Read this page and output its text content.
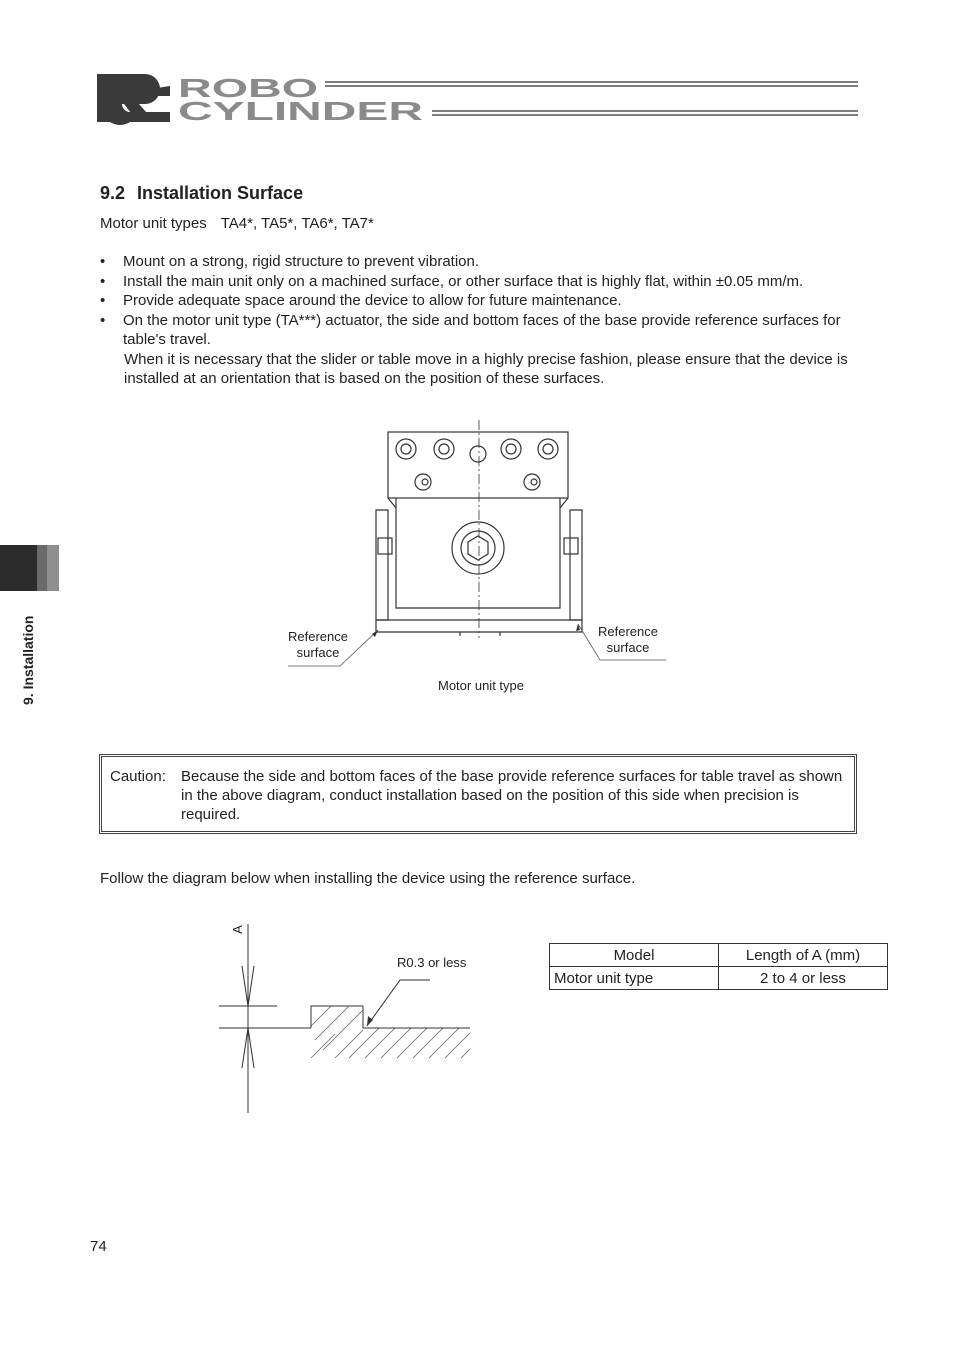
ROBO
CYLINDER
9.2 Installation Surface
Motor unit types TA4*, TA5*, TA6*, TA7*
• Mount on a strong, rigid structure to prevent vibration.
• Install the main unit only on a machined surface, or other surface that is highly flat, within ±0.05 mm/m.
• Provide adequate space around the device to allow for future maintenance.
• On the motor unit type (TA***) actuator, the side and bottom faces of the base provide reference surfaces for table's travel.
When it is necessary that the slider or table move in a highly precise fashion, please ensure that the device is installed at an orientation that is based on the position of these surfaces.
Reference
surface
Reference
surface
Motor unit type
Caution: Because the side and bottom faces of the base provide reference surfaces for table travel as shown in the above diagram, conduct installation based on the position of this side when precision is required.
Follow the diagram below when installing the device using the reference surface.
A
R0.3 or less	Model	Length of A (mm)
Motor unit type	2 to 4 or less
9. Installation
74
